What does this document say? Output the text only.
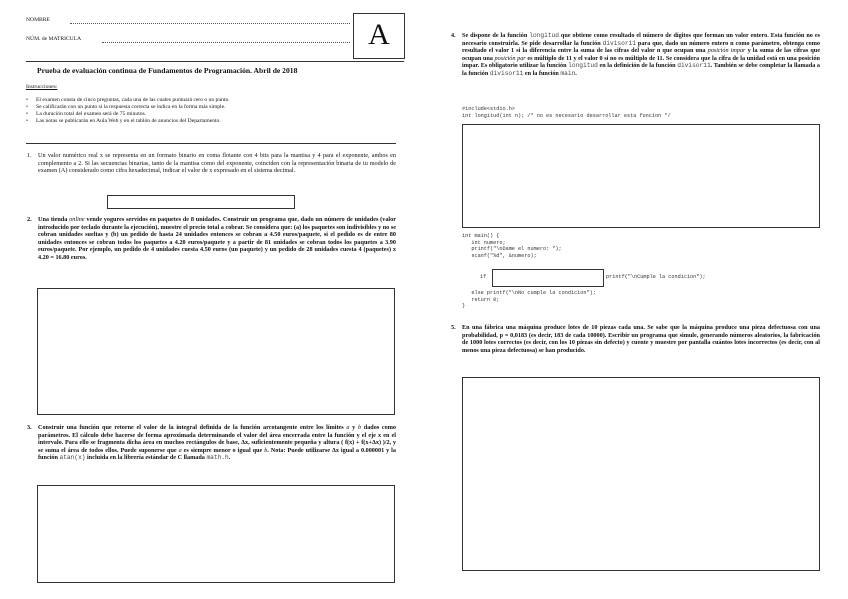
NOMBRE
NÚM. de MATRICULA	A
Prueba de evaluación continua de Fundamentos de Programación. Abril de 2018
Instrucciones:
• El examen consta de cinco preguntas, cada una de las cuales puntuará cero o un punto.
• Se calificarán con un punto si la respuesta correcta se indica en la forma más simple.
• La duración total del examen será de 75 minutos.
• Las notas se publicarán en Aula Web y en el tablón de anuncios del Departamento.
1. Un valor numérico real x se representa en un formato binario en coma flotante con 4 bits para la mantisa y 4 para el exponente, ambos en complemento a 2. Si las secuencias binarias, tanto de la mantisa como del exponente, coinciden con la representación binaria de tu modelo de examen (A) considerado como cifra hexadecimal, indicar el valor de x expresado en el sistema decimal.
2. Una tienda online vende yogures servidos en paquetes de 8 unidades. Construir un programa que, dado un número de unidades (valor introducido por teclado durante la ejecución), muestre el precio total a cobrar. Se considera que: (a) los paquetes son indivisibles y no se cobran unidades sueltas y (b) un pedido de hasta 24 unidades entonces se cobran a 4.50 euros/paquete, si el pedido es de entre 80 unidades entonces se cobran todos los paquetes a 4.20 euros/paquete y a partir de 81 unidades se cobran todos los paquetes a 3.90 euros/paquete. Por ejemplo, un pedido de 4 unidades cuesta 4.50 euros (un paquete) y un pedido de 28 unidades cuesta 4 (paquetes) x 4.20 = 16.80 euros.
3. Construir una función que retorne el valor de la integral definida de la función arcotangente entre los límites a y b dados como parámetros. El cálculo debe hacerse de forma aproximada determinando el valor del área encerrada entre la función y el eje x en el intervalo. Para ello se fragmenta dicha área en muchos rectángulos de base, Δx, suficientemente pequeña y altura ( f(x) + f(x+Δx) )/2, y se suma el área de todos ellos. Puede suponerse que a es siempre menor o igual que b. Nota: Puede utilizarse Δx igual a 0.000001 y la función atan(x) incluida en la librería estándar de C llamada math.h.
4. Se dispone de la función longitud que obtiene como resultado el número de dígitos que forman un valor entero. Esta función no es necesario construirla. Se pide desarrollar la función divisor11 para que, dado un número entero n como parámetro, obtenga como resultado el valor 1 si la diferencia entre la suma de las cifras del valor n que ocupan una posición impar y la suma de las cifras que ocupan una posición par es múltiplo de 11 y el valor 0 si no es múltiplo de 11. Se considera que la cifra de la unidad está en una posición impar. Es obligatorio utilizar la función longitud en la definición de la función divisor11. También se debe completar la llamada a la función divisor11 en la función main.
#include<stdio.h>
int longitud(int n); /* no es necesario desarrollar esta funcion */
int main() {
int numero;
printf("\nDame el numero: ");
scanf("%d", &numero);
if	printf("\nCumple la condicion");
else printf("\nNo cumple la condicion");
return 0;
}
5. En una fábrica una máquina produce lotes de 10 piezas cada una. Se sabe que la máquina produce una pieza defectuosa con una probabilidad, p = 0,0183 (es decir, 183 de cada 10000). Escribir un programa que simule, generando números aleatorios, la fabricación de 1000 lotes correctos (es decir, con los 10 piezas sin defecto) y cuente y muestre por pantalla cuántos lotes incorrectos (es decir, con al menos una pieza defectuosa) se han producido.
